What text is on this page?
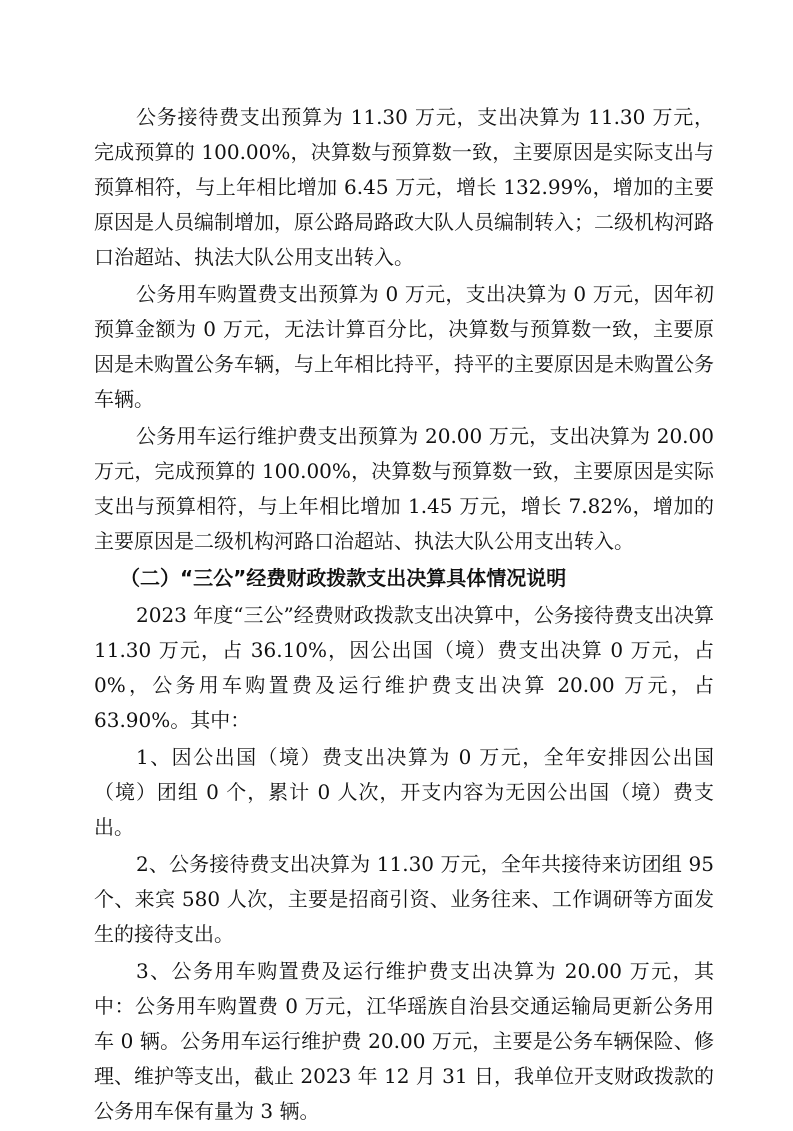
公务接待费支出预算为 11.30 万元，支出决算为 11.30 万元，完成预算的 100.00%，决算数与预算数一致，主要原因是实际支出与预算相符，与上年相比增加 6.45 万元，增长 132.99%，增加的主要原因是人员编制增加，原公路局路政大队人员编制转入；二级机构河路口治超站、执法大队公用支出转入。

公务用车购置费支出预算为 0 万元，支出决算为 0 万元，因年初预算金额为 0 万元，无法计算百分比，决算数与预算数一致，主要原因是未购置公务车辆，与上年相比持平，持平的主要原因是未购置公务车辆。

公务用车运行维护费支出预算为 20.00 万元，支出决算为 20.00 万元，完成预算的 100.00%，决算数与预算数一致，主要原因是实际支出与预算相符，与上年相比增加 1.45 万元，增长 7.82%，增加的主要原因是二级机构河路口治超站、执法大队公用支出转入。

（二）“三公”经费财政拨款支出决算具体情况说明

2023 年度“三公”经费财政拨款支出决算中，公务接待费支出决算 11.30 万元，占 36.10%，因公出国（境）费支出决算 0 万元，占 0%，公务用车购置费及运行维护费支出决算 20.00 万元，占 63.90%。其中：

1、因公出国（境）费支出决算为 0 万元，全年安排因公出国（境）团组 0 个，累计 0 人次，开支内容为无因公出国（境）费支出。

2、公务接待费支出决算为 11.30 万元，全年共接待来访团组 95 个、来宾 580 人次，主要是招商引资、业务往来、工作调研等方面发生的接待支出。

3、公务用车购置费及运行维护费支出决算为 20.00 万元，其中：公务用车购置费 0 万元，江华瑶族自治县交通运输局更新公务用车 0 辆。公务用车运行维护费 20.00 万元，主要是公务车辆保险、修理、维护等支出，截止 2023 年 12 月 31 日，我单位开支财政拨款的公务用车保有量为 3 辆。
